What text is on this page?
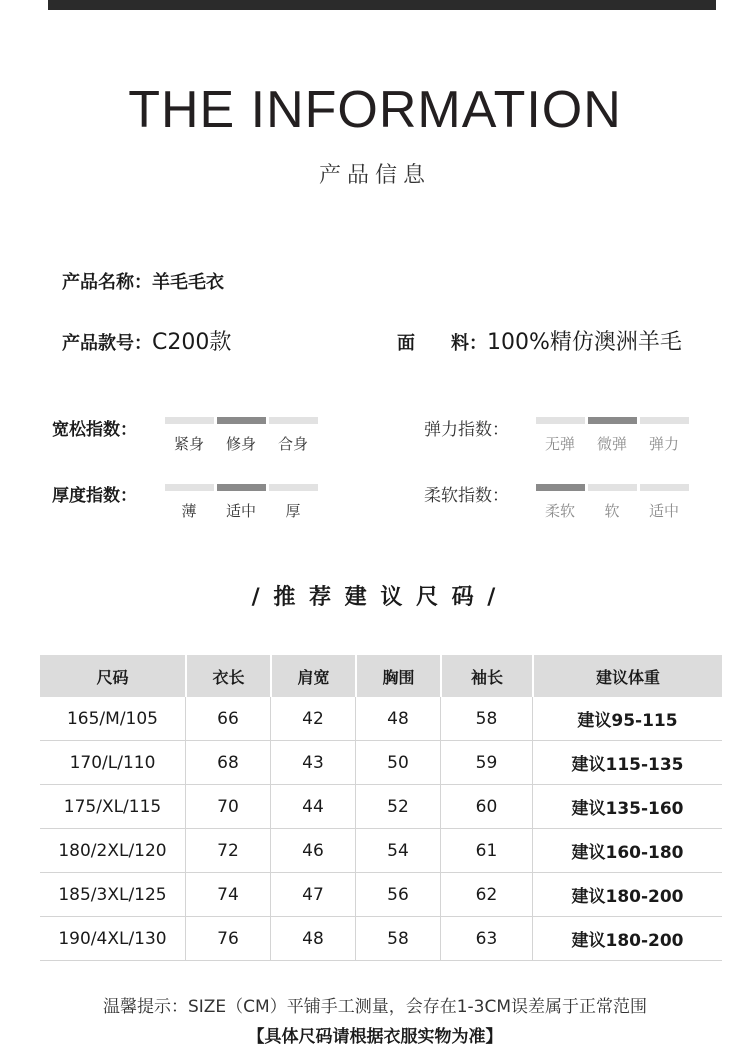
THE INFORMATION
产品信息
产品名称：羊毛毛衣
产品款号：C200款	面　　料：100%精仿澳洲羊毛
宽松指数：
紧身	修身	合身
弹力指数：
无弹	微弹	弹力
厚度指数：
薄	适中	厚
柔软指数：
柔软	软	适中
/ 推 荐 建 议 尺 码 /
尺码	衣长	肩宽	胸围	袖长	建议体重
165/M/105	66	42	48	58	建议95-115
170/L/110	68	43	50	59	建议115-135
175/XL/115	70	44	52	60	建议135-160
180/2XL/120	72	46	54	61	建议160-180
185/3XL/125	74	47	56	62	建议180-200
190/4XL/130	76	48	58	63	建议180-200
温馨提示：SIZE（CM）平铺手工测量，会存在1-3CM误差属于正常范围
【具体尺码请根据衣服实物为准】
